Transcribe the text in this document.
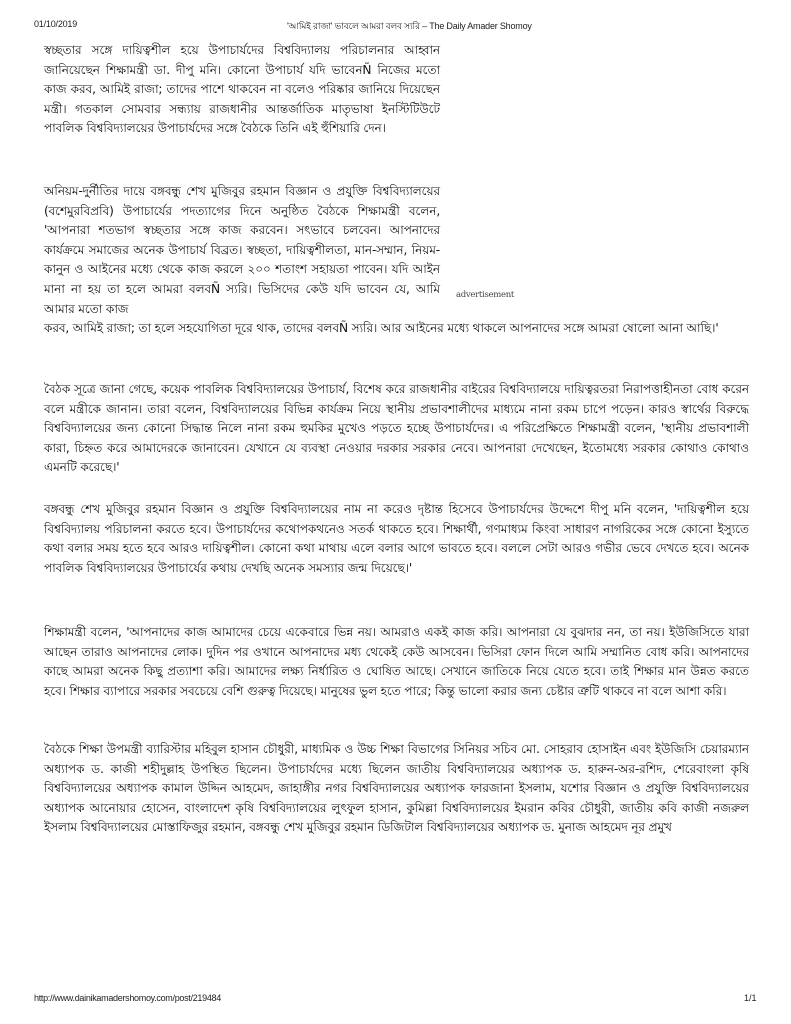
01/10/2019	'আমিই রাজা' ভাবলে আমরা বলব স্যরি – The Daily Amader Shomoy

স্বচ্ছতার সঙ্গে দায়িত্বশীল হয়ে উপাচার্যদের বিশ্ববিদ্যালয় পরিচালনার আহ্বান জানিয়েছেন শিক্ষামন্ত্রী ডা. দীপু মনি। কোনো উপাচার্য যদি ভাবেনÑ নিজের মতো কাজ করব, আমিই রাজা; তাদের পাশে থাকবেন না বলেও পরিষ্কার জানিয়ে দিয়েছেন মন্ত্রী। গতকাল সোমবার সন্ধ্যায় রাজধানীর আন্তর্জাতিক মাতৃভাষা ইনস্টিটিউটে পাবলিক বিশ্ববিদ্যালয়ের উপাচার্যদের সঙ্গে বৈঠকে তিনি এই হুঁশিয়ারি দেন।

অনিয়ম-দুর্নীতির দায়ে বঙ্গবন্ধু শেখ মুজিবুর রহমান বিজ্ঞান ও প্রযুক্তি বিশ্ববিদ্যালয়ের (বশেমুরবিপ্রবি) উপাচার্যের পদত্যাগের দিনে অনুষ্ঠিত বৈঠকে শিক্ষামন্ত্রী বলেন, 'আপনারা শতভাগ স্বচ্ছতার সঙ্গে কাজ করবেন। সৎভাবে চলবেন। আপনাদের কার্যক্রমে সমাজের অনেক উপাচার্য বিব্রত। স্বচ্ছতা, দায়িত্বশীলতা, মান-সম্মান, নিয়ম-কানুন ও আইনের মধ্যে থেকে কাজ করলে ২০০ শতাংশ সহায়তা পাবেন। যদি আইন মানা না হয় তা হলে আমরা বলবÑ স্যরি। ভিসিদের কেউ যদি ভাবেন যে, আমি আমার মতো কাজ
করব, আমিই রাজা; তা হলে সহযোগিতা দূরে থাক, তাদের বলবÑ স্যরি। আর আইনের মধ্যে থাকলে আপনাদের সঙ্গে আমরা ষোলো আনা আছি।'

advertisement

বৈঠক সূত্রে জানা গেছে, কয়েক পাবলিক বিশ্ববিদ্যালয়ের উপাচার্য, বিশেষ করে রাজধানীর বাইরের বিশ্ববিদ্যালয়ে দায়িত্বরতরা নিরাপত্তাহীনতা বোধ করেন বলে মন্ত্রীকে জানান। তারা বলেন, বিশ্ববিদ্যালয়ের বিভিন্ন কার্যক্রম নিয়ে স্থানীয় প্রভাবশালীদের মাধ্যমে নানা রকম চাপে পড়েন। কারও স্বার্থের বিরুদ্ধে বিশ্ববিদ্যালয়ের জন্য কোনো সিদ্ধান্ত নিলে নানা রকম হুমকির মুখেও পড়তে হচ্ছে উপাচার্যদের। এ পরিপ্রেক্ষিতে শিক্ষামন্ত্রী বলেন, 'স্থানীয় প্রভাবশালী কারা, চিহ্নত করে আমাদেরকে জানাবেন। যেখানে যে ব্যবস্থা নেওয়ার দরকার সরকার নেবে। আপনারা দেখেছেন, ইতোমধ্যে সরকার কোথাও কোথাও এমনটি করেছে।'

বঙ্গবন্ধু শেখ মুজিবুর রহমান বিজ্ঞান ও প্রযুক্তি বিশ্ববিদ্যালয়ের নাম না করেও দৃষ্টান্ত হিসেবে উপাচার্যদের উদ্দেশে দীপু মনি বলেন, 'দায়িত্বশীল হয়ে বিশ্ববিদ্যালয় পরিচালনা করতে হবে। উপাচার্যদের কথোপকথনেও সতর্ক থাকতে হবে। শিক্ষার্থী, গণমাধ্যম কিংবা সাধারণ নাগরিকের সঙ্গে কোনো ইস্যুতে কথা বলার সময় হতে হবে আরও দায়িত্বশীল। কোনো কথা মাথায় এলে বলার আগে ভাবতে হবে। বললে সেটা আরও গভীর ভেবে দেখতে হবে। অনেক পাবলিক বিশ্ববিদ্যালয়ের উপাচার্যের কথায় দেখছি অনেক সমস্যার জন্ম দিয়েছে।'

শিক্ষামন্ত্রী বলেন, 'আপনাদের কাজ আমাদের চেয়ে একেবারে ভিন্ন নয়। আমরাও একই কাজ করি। আপনারা যে বুঝদার নন, তা নয়। ইউজিসিতে যারা আছেন তারাও আপনাদের লোক। দুদিন পর ওখানে আপনাদের মধ্য থেকেই কেউ আসবেন। ভিসিরা ফোন দিলে আমি সম্মানিত বোধ করি। আপনাদের কাছে আমরা অনেক কিছু প্রত্যাশা করি। আমাদের লক্ষ্য নির্ধারিত ও ঘোষিত আছে। সেখানে জাতিকে নিয়ে যেতে হবে। তাই শিক্ষার মান উন্নত করতে হবে। শিক্ষার ব্যাপারে সরকার সবচেয়ে বেশি গুরুত্ব দিয়েছে। মানুষের ভুল হতে পারে; কিন্তু ভালো করার জন্য চেষ্টার ত্রুটি থাকবে না বলে আশা করি।

বৈঠকে শিক্ষা উপমন্ত্রী ব্যারিস্টার মহিবুল হাসান চৌধুরী, মাধ্যমিক ও উচ্চ শিক্ষা বিভাগের সিনিয়র সচিব মো. সোহরাব হোসাইন এবং ইউজিসি চেয়ারম্যান অধ্যাপক ড. কাজী শহীদুল্লাহ উপস্থিত ছিলেন। উপাচার্যদের মধ্যে ছিলেন জাতীয় বিশ্ববিদ্যালয়ের অধ্যাপক ড. হারুন-অর-রশিদ, শেরেবাংলা কৃষি বিশ্ববিদ্যালয়ের অধ্যাপক কামাল উদ্দিন আহমেদ, জাহাঙ্গীর নগর বিশ্ববিদ্যালয়ের অধ্যাপক ফারজানা ইসলাম, যশোর বিজ্ঞান ও প্রযুক্তি বিশ্ববিদ্যালয়ের অধ্যাপক আনোয়ার হোসেন, বাংলাদেশ কৃষি বিশ্ববিদ্যালয়ের লুৎফুল হাসান, কুমিল্লা বিশ্ববিদ্যালয়ের ইমরান কবির চৌধুরী, জাতীয় কবি কাজী নজরুল ইসলাম বিশ্ববিদ্যালয়ের মোস্তাফিজুর রহমান, বঙ্গবন্ধু শেখ মুজিবুর রহমান ডিজিটাল বিশ্ববিদ্যালয়ের অধ্যাপক ড. মুনাজ আহমেদ নূর প্রমুখ

http://www.dainikamadershomoy.com/post/219484	1/1
